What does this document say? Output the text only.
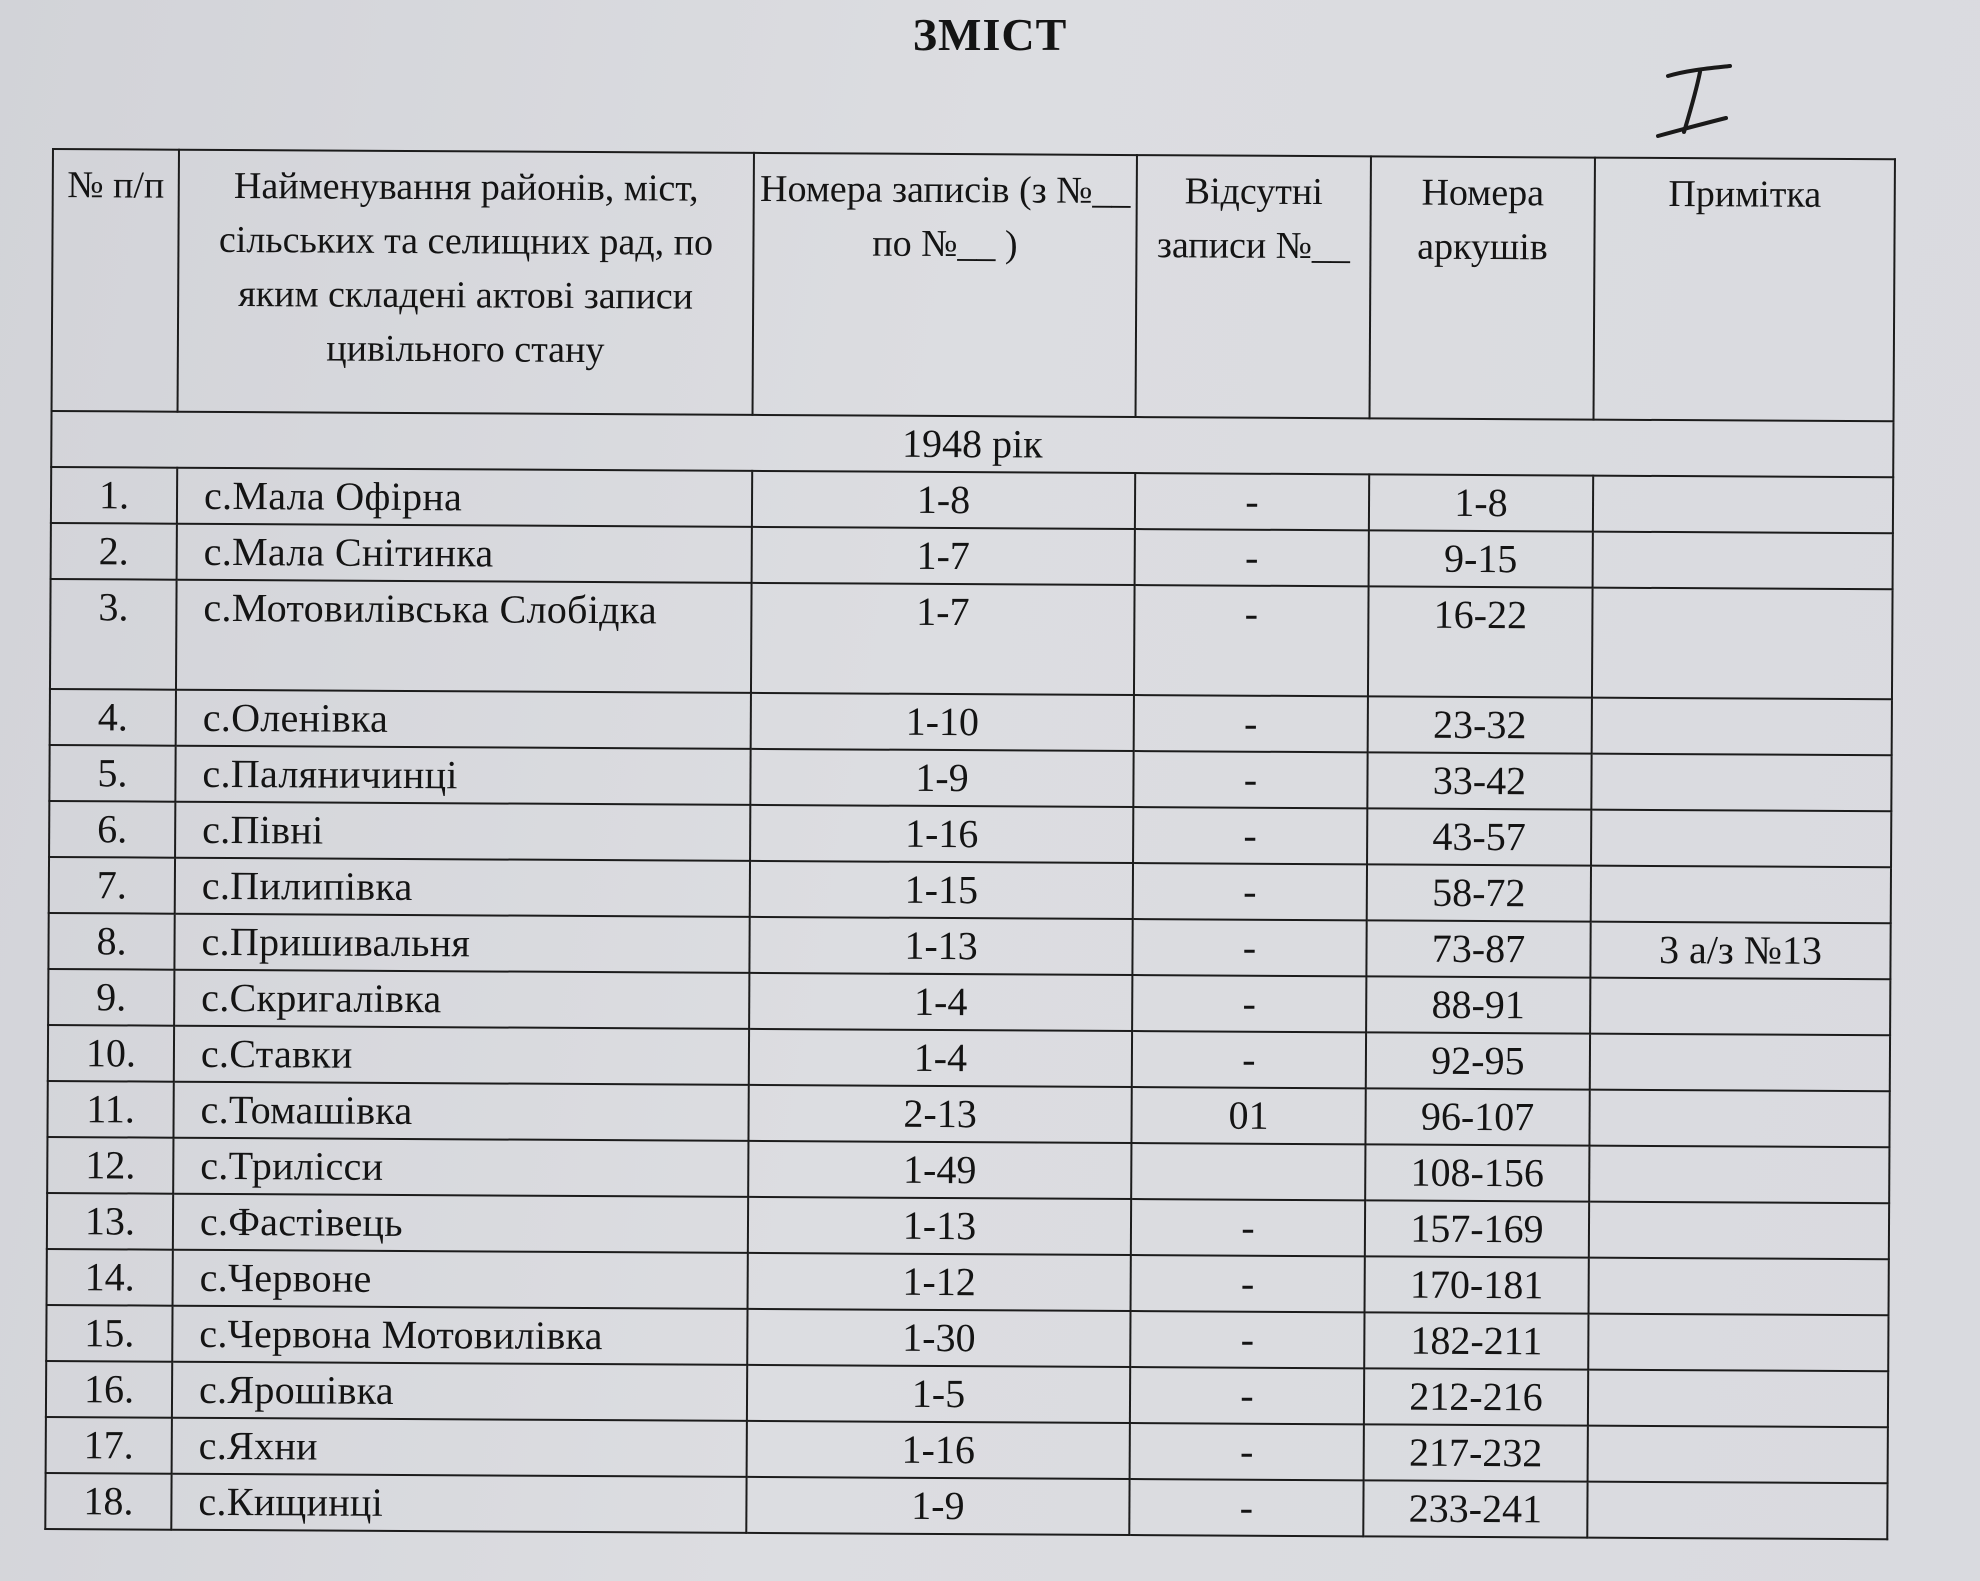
ЗМІСТ
№ п/п	Найменування районів, міст, сільських та селищних рад, по яким складені актові записи цивільного стану	Номера записів (з №__ по №__ )	Відсутні записи №__	Номера аркушів	Примітка
1948 рік					
1.	с.Мала Офірна	1-8	-	1-8	
2.	с.Мала Снітинка	1-7	-	9-15	
3.	с.Мотовилівська Слобідка	1-7	-	16-22	
4.	с.Оленівка	1-10	-	23-32	
5.	с.Паляничинці	1-9	-	33-42	
6.	с.Півні	1-16	-	43-57	
7.	с.Пилипівка	1-15	-	58-72	
8.	с.Пришивальня	1-13	-	73-87	3 а/з №13
9.	с.Скригалівка	1-4	-	88-91	
10.	с.Ставки	1-4	-	92-95	
11.	с.Томашівка	2-13	01	96-107	
12.	с.Трилісси	1-49		108-156	
13.	с.Фастівець	1-13	-	157-169	
14.	с.Червоне	1-12	-	170-181	
15.	с.Червона Мотовилівка	1-30	-	182-211	
16.	с.Ярошівка	1-5	-	212-216	
17.	с.Яхни	1-16	-	217-232	
18.	с.Кищинці	1-9	-	233-241	
